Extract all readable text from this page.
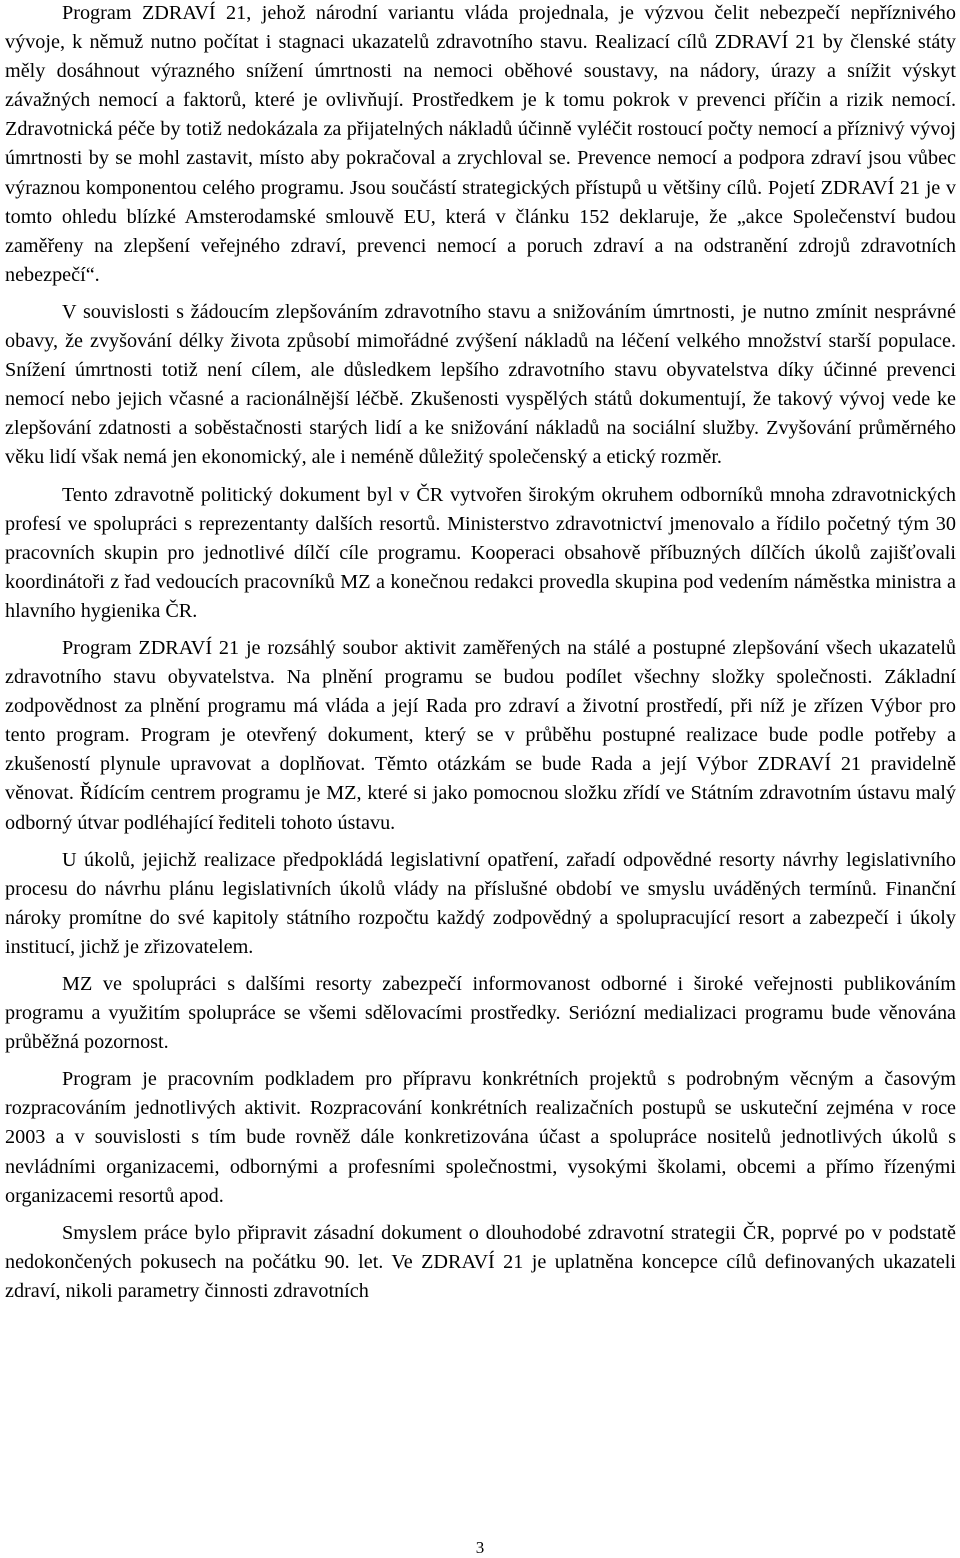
Program ZDRAVÍ 21, jehož národní variantu vláda projednala, je výzvou čelit nebezpečí nepříznivého vývoje, k němuž nutno počítat i stagnaci ukazatelů zdravotního stavu. Realizací cílů ZDRAVÍ 21 by členské státy měly dosáhnout výrazného snížení úmrtnosti na nemoci oběhové soustavy, na nádory, úrazy a snížit výskyt závažných nemocí a faktorů, které je ovlivňují. Prostředkem je k tomu pokrok v prevenci příčin a rizik nemocí. Zdravotnická péče by totiž nedokázala za přijatelných nákladů účinně vyléčit rostoucí počty nemocí a příznivý vývoj úmrtnosti by se mohl zastavit, místo aby pokračoval a zrychloval se. Prevence nemocí a podpora zdraví jsou vůbec výraznou komponentou celého programu. Jsou součástí strategických přístupů u většiny cílů. Pojetí ZDRAVÍ 21 je v tomto ohledu blízké Amsterodamské smlouvě EU, která v článku 152 deklaruje, že „akce Společenství budou zaměřeny na zlepšení veřejného zdraví, prevenci nemocí a poruch zdraví a na odstranění zdrojů zdravotních nebezpečí“.

V souvislosti s žádoucím zlepšováním zdravotního stavu a snižováním úmrtnosti, je nutno zmínit nesprávné obavy, že zvyšování délky života způsobí mimořádné zvýšení nákladů na léčení velkého množství starší populace. Snížení úmrtnosti totiž není cílem, ale důsledkem lepšího zdravotního stavu obyvatelstva díky účinné prevenci nemocí nebo jejich včasné a racionálnější léčbě. Zkušenosti vyspělých států dokumentují, že takový vývoj vede ke zlepšování zdatnosti a soběstačnosti starých lidí a ke snižování nákladů na sociální služby. Zvyšování průměrného věku lidí však nemá jen ekonomický, ale i neméně důležitý společenský a etický rozměr.

Tento zdravotně politický dokument byl v ČR vytvořen širokým okruhem odborníků mnoha zdravotnických profesí ve spolupráci s reprezentanty dalších resortů. Ministerstvo zdravotnictví jmenovalo a řídilo početný tým 30 pracovních skupin pro jednotlivé dílčí cíle programu. Kooperaci obsahově příbuzných dílčích úkolů zajišťovali koordinátoři z řad vedoucích pracovníků MZ a konečnou redakci provedla skupina pod vedením náměstka ministra a hlavního hygienika ČR.

Program ZDRAVÍ 21 je rozsáhlý soubor aktivit zaměřených na stálé a postupné zlepšování všech ukazatelů zdravotního stavu obyvatelstva. Na plnění programu se budou podílet všechny složky společnosti. Základní zodpovědnost za plnění programu má vláda a její Rada pro zdraví a životní prostředí, při níž je zřízen Výbor pro tento program. Program je otevřený dokument, který se v průběhu postupné realizace bude podle potřeby a zkušeností plynule upravovat a doplňovat. Těmto otázkám se bude Rada a její Výbor ZDRAVÍ 21 pravidelně věnovat. Řídícím centrem programu je MZ, které si jako pomocnou složku zřídí ve Státním zdravotním ústavu malý odborný útvar podléhající řediteli tohoto ústavu.

U úkolů, jejichž realizace předpokládá legislativní opatření, zařadí odpovědné resorty návrhy legislativního procesu do návrhu plánu legislativních úkolů vlády na příslušné období ve smyslu uváděných termínů. Finanční nároky promítne do své kapitoly státního rozpočtu každý zodpovědný a spolupracující resort a zabezpečí i úkoly institucí, jichž je zřizovatelem.

MZ ve spolupráci s dalšími resorty zabezpečí informovanost odborné i široké veřejnosti publikováním programu a využitím spolupráce se všemi sdělovacími prostředky. Seriózní medializaci programu bude věnována průběžná pozornost.

Program je pracovním podkladem pro přípravu konkrétních projektů s podrobným věcným a časovým rozpracováním jednotlivých aktivit. Rozpracování konkrétních realizačních postupů se uskuteční zejména v roce 2003 a v souvislosti s tím bude rovněž dále konkretizována účast a spolupráce nositelů jednotlivých úkolů s nevládními organizacemi, odbornými a profesními společnostmi, vysokými školami, obcemi a přímo řízenými organizacemi resortů apod.

Smyslem práce bylo připravit zásadní dokument o dlouhodobé zdravotní strategii ČR, poprvé po v podstatě nedokončených pokusech na počátku 90. let. Ve ZDRAVÍ 21 je uplatněna koncepce cílů definovaných ukazateli zdraví, nikoli parametry činnosti zdravotních

3
